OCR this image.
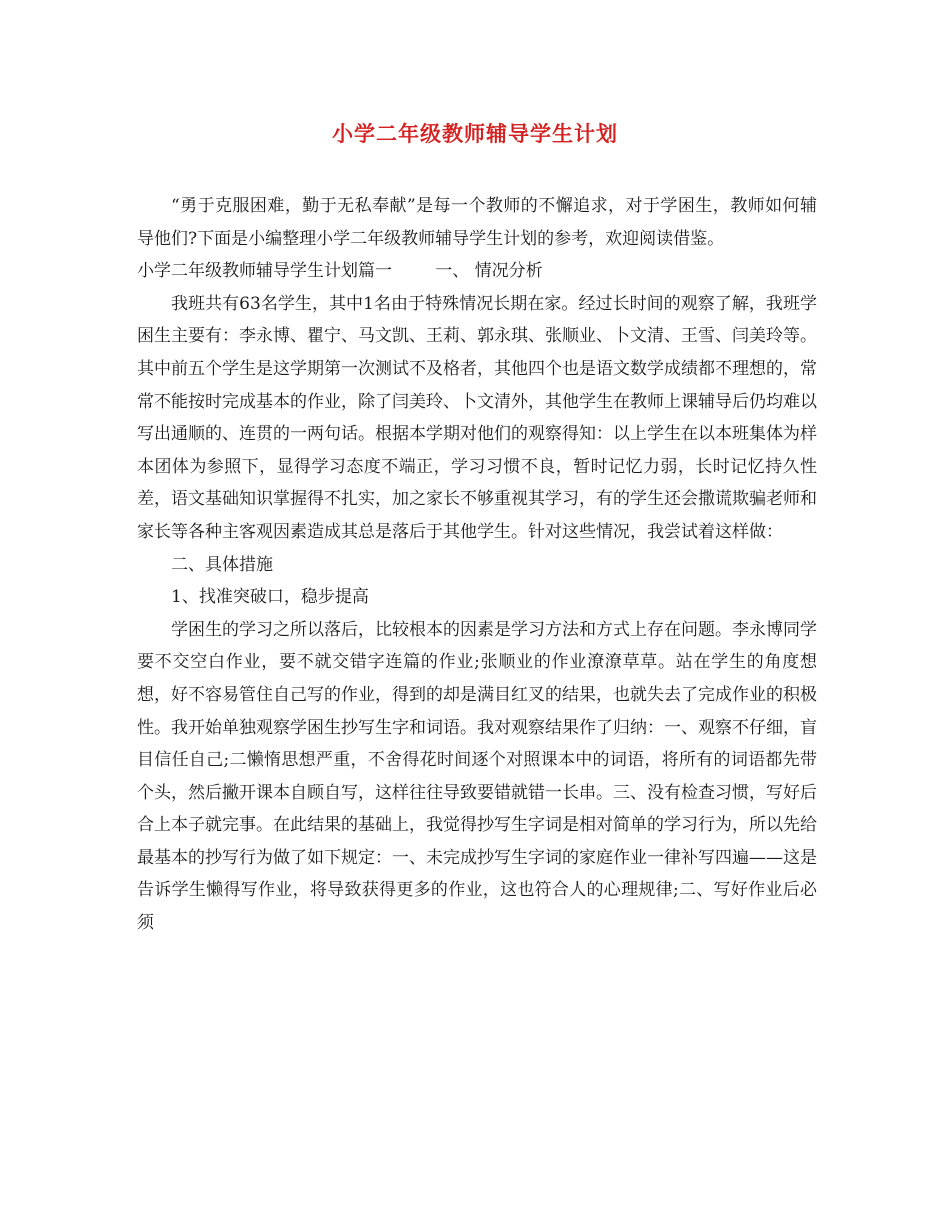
小学二年级教师辅导学生计划

“勇于克服困难，勤于无私奉献”是每一个教师的不懈追求，对于学困生，教师如何辅导他们?下面是小编整理小学二年级教师辅导学生计划的参考，欢迎阅读借鉴。

小学二年级教师辅导学生计划篇一	一、 情况分析

我班共有63名学生，其中1名由于特殊情况长期在家。经过长时间的观察了解，我班学困生主要有：李永博、瞿宁、马文凯、王莉、郭永琪、张顺业、卜文清、王雪、闫美玲等。其中前五个学生是这学期第一次测试不及格者，其他四个也是语文数学成绩都不理想的，常常不能按时完成基本的作业，除了闫美玲、卜文清外，其他学生在教师上课辅导后仍均难以写出通顺的、连贯的一两句话。根据本学期对他们的观察得知：以上学生在以本班集体为样本团体为参照下，显得学习态度不端正，学习习惯不良，暂时记忆力弱，长时记忆持久性差，语文基础知识掌握得不扎实，加之家长不够重视其学习，有的学生还会撒谎欺骗老师和家长等各种主客观因素造成其总是落后于其他学生。针对这些情况，我尝试着这样做：

二、具体措施

1、找准突破口，稳步提高

学困生的学习之所以落后，比较根本的因素是学习方法和方式上存在问题。李永博同学要不交空白作业，要不就交错字连篇的作业;张顺业的作业潦潦草草。站在学生的角度想想，好不容易管住自己写的作业，得到的却是满目红叉的结果，也就失去了完成作业的积极性。我开始单独观察学困生抄写生字和词语。我对观察结果作了归纳：一、观察不仔细，盲目信任自己;二懒惰思想严重，不舍得花时间逐个对照课本中的词语，将所有的词语都先带个头，然后撇开课本自顾自写，这样往往导致要错就错一长串。三、没有检查习惯，写好后合上本子就完事。在此结果的基础上，我觉得抄写生字词是相对简单的学习行为，所以先给最基本的抄写行为做了如下规定：一、未完成抄写生字词的家庭作业一律补写四遍——这是告诉学生懒得写作业，将导致获得更多的作业，这也符合人的心理规律;二、写好作业后必须
